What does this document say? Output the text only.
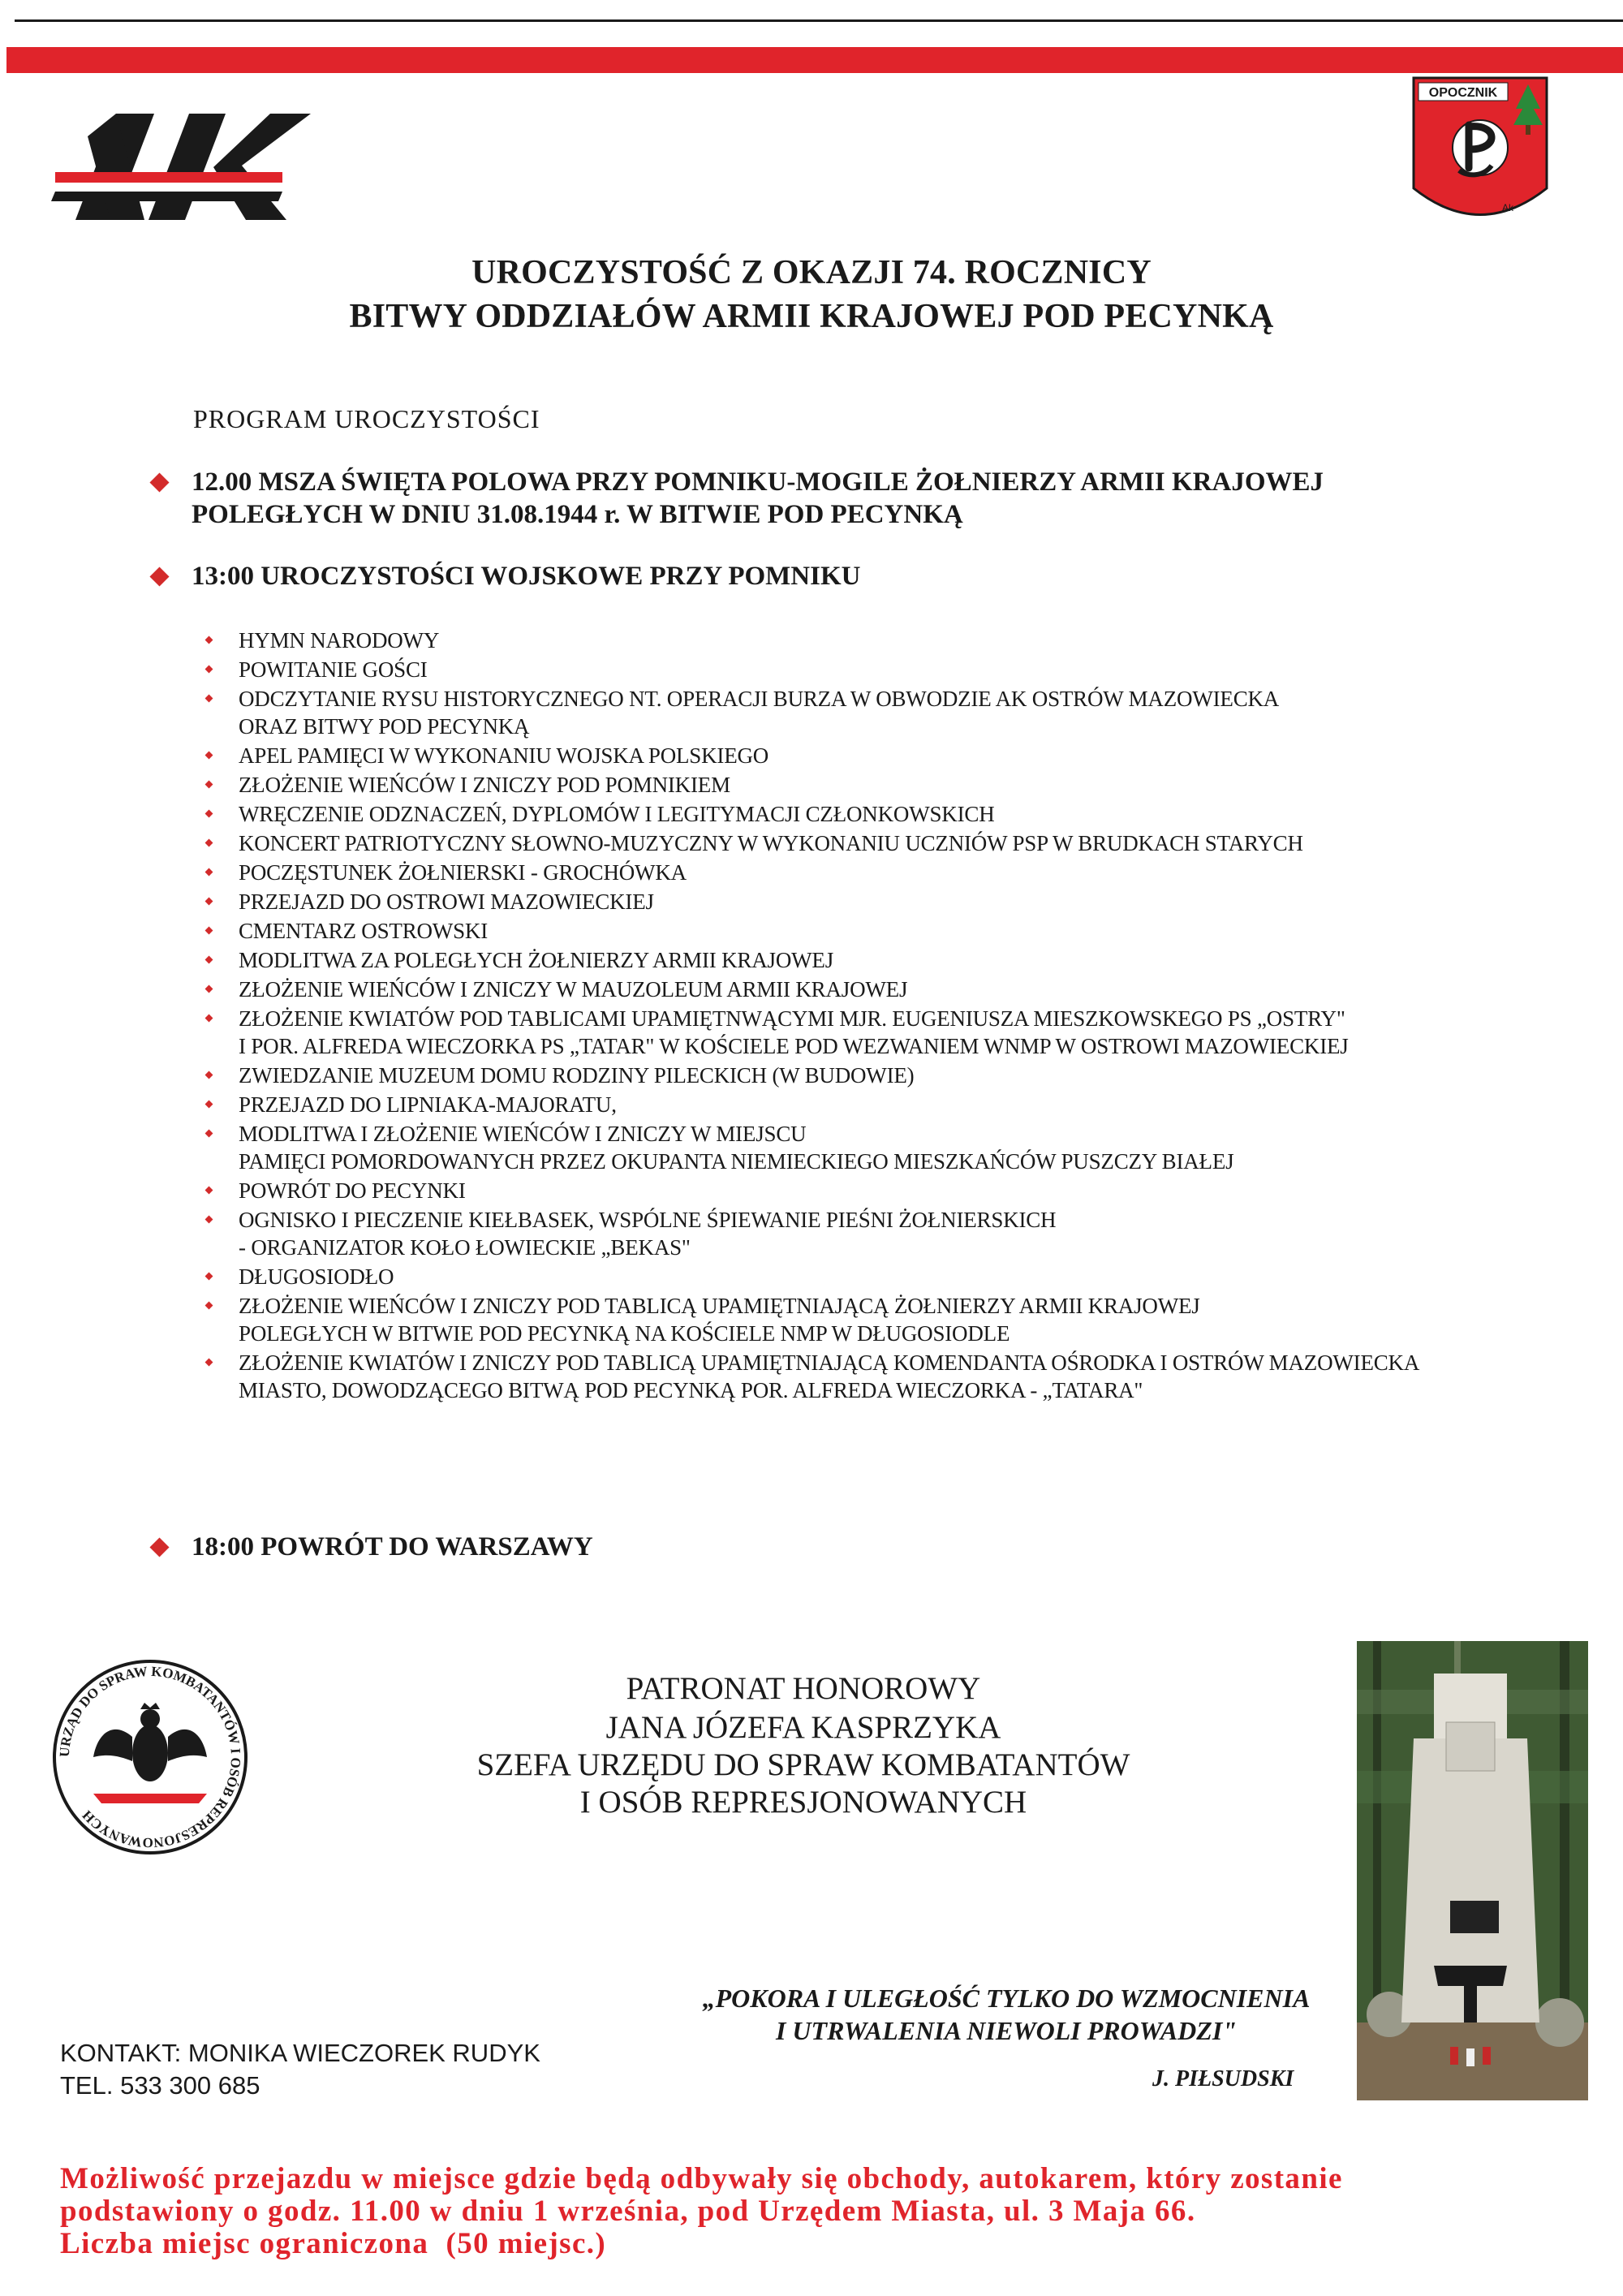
OPOCZNIK
Ak
UROCZYSTOŚĆ Z OKAZJI 74. ROCZNICY
BITWY ODDZIAŁÓW ARMII KRAJOWEJ POD PECYNKĄ
PROGRAM UROCZYSTOŚCI
12.00 MSZA ŚWIĘTA POLOWA PRZY POMNIKU-MOGILE ŻOŁNIERZY ARMII KRAJOWEJ
POLEGŁYCH W DNIU 31.08.1944 r. W BITWIE POD PECYNKĄ
13:00 UROCZYSTOŚCI WOJSKOWE PRZY POMNIKU
HYMN NARODOWY
POWITANIE GOŚCI
ODCZYTANIE RYSU HISTORYCZNEGO NT. OPERACJI BURZA W OBWODZIE AK OSTRÓW MAZOWIECKA
ORAZ BITWY POD PECYNKĄ
APEL PAMIĘCI W WYKONANIU WOJSKA POLSKIEGO
ZŁOŻENIE WIEŃCÓW I ZNICZY POD POMNIKIEM
WRĘCZENIE ODZNACZEŃ, DYPLOMÓW I LEGITYMACJI CZŁONKOWSKICH
KONCERT PATRIOTYCZNY SŁOWNO-MUZYCZNY W WYKONANIU UCZNIÓW PSP W BRUDKACH STARYCH
POCZĘSTUNEK ŻOŁNIERSKI - GROCHÓWKA
PRZEJAZD DO OSTROWI MAZOWIECKIEJ
CMENTARZ OSTROWSKI
MODLITWA ZA POLEGŁYCH ŻOŁNIERZY ARMII KRAJOWEJ
ZŁOŻENIE WIEŃCÓW I ZNICZY W MAUZOLEUM ARMII KRAJOWEJ
ZŁOŻENIE KWIATÓW POD TABLICAMI UPAMIĘTNWĄCYMI MJR. EUGENIUSZA MIESZKOWSKEGO PS „OSTRY"
I POR. ALFREDA WIECZORKA PS „TATAR" W KOŚCIELE POD WEZWANIEM WNMP W OSTROWI MAZOWIECKIEJ
ZWIEDZANIE MUZEUM DOMU RODZINY PILECKICH (W BUDOWIE)
PRZEJAZD DO LIPNIAKA-MAJORATU,
MODLITWA I ZŁOŻENIE WIEŃCÓW I ZNICZY W MIEJSCU
PAMIĘCI POMORDOWANYCH PRZEZ OKUPANTA NIEMIECKIEGO MIESZKAŃCÓW PUSZCZY BIAŁEJ
POWRÓT DO PECYNKI
OGNISKO I PIECZENIE KIEŁBASEK, WSPÓLNE ŚPIEWANIE PIEŚNI ŻOŁNIERSKICH
- ORGANIZATOR KOŁO ŁOWIECKIE „BEKAS"
DŁUGOSIODŁO
ZŁOŻENIE WIEŃCÓW I ZNICZY POD TABLICĄ UPAMIĘTNIAJĄCĄ ŻOŁNIERZY ARMII KRAJOWEJ
POLEGŁYCH W BITWIE POD PECYNKĄ NA KOŚCIELE NMP W DŁUGOSIODLE
ZŁOŻENIE KWIATÓW I ZNICZY POD TABLICĄ UPAMIĘTNIAJĄCĄ KOMENDANTA OŚRODKA I OSTRÓW MAZOWIECKA
MIASTO, DOWODZĄCEGO BITWĄ POD PECYNKĄ POR. ALFREDA WIECZORKA - „TATARA"
18:00 POWRÓT DO WARSZAWY
URZĄD DO SPRAW KOMBATANTÓW I OSÓB REPRESJONOWANYCH
PATRONAT HONOROWY
JANA JÓZEFA KASPRZYKA
SZEFA URZĘDU DO SPRAW KOMBATANTÓW
I OSÓB REPRESJONOWANYCH
„POKORA I ULEGŁOŚĆ TYLKO DO WZMOCNIENIA
I UTRWALENIA NIEWOLI PROWADZI"
J. PIŁSUDSKI
KONTAKT: MONIKA WIECZOREK RUDYK
TEL. 533 300 685
Możliwość przejazdu w miejsce gdzie będą odbywały się obchody, autokarem, który zostanie
podstawiony o godz. 11.00 w dniu 1 września, pod Urzędem Miasta, ul. 3 Maja 66.
Liczba miejsc ograniczona  (50 miejsc.)
